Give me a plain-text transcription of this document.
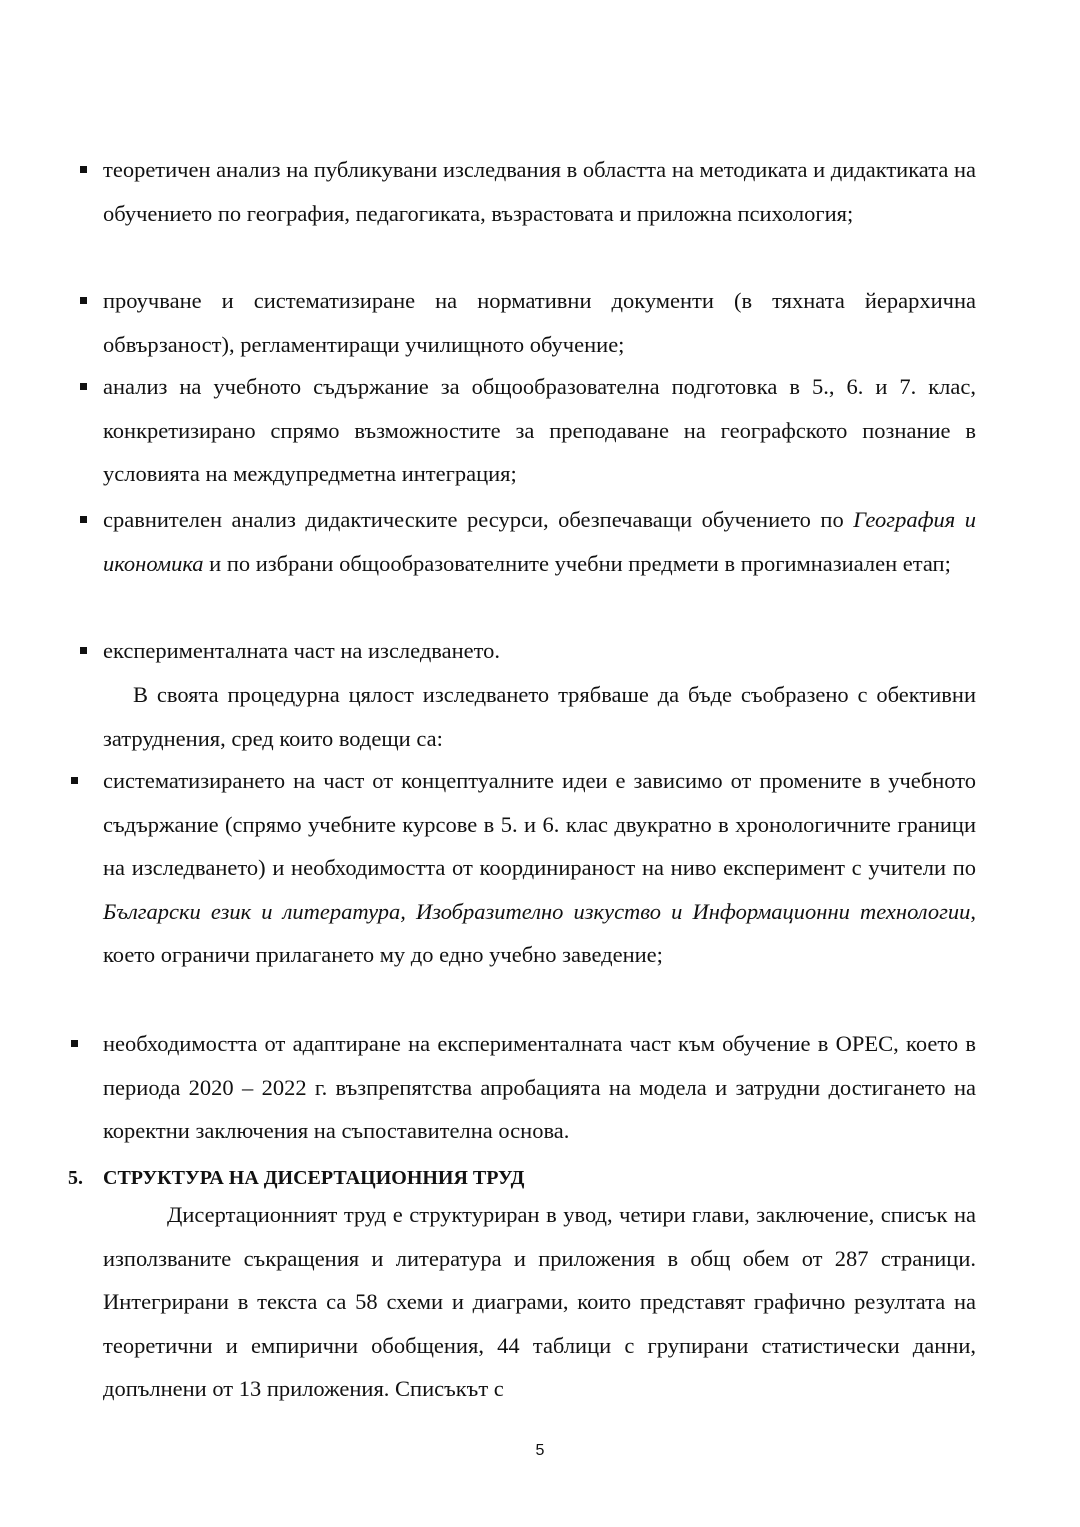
теоретичен анализ на публикувани изследвания в областта на методиката и дидактиката на обучението по география, педагогиката, възрастовата и приложна психология;
проучване и систематизиране на нормативни документи (в тяхната йерархична обвързаност), регламентиращи училищното обучение;
анализ на учебното съдържание за общообразователна подготовка в 5., 6. и 7. клас, конкретизирано спрямо възможностите за преподаване на географското познание в условията на междупредметна интеграция;
сравнителен анализ дидактическите ресурси, обезпечаващи обучението по География и икономика и по избрани общообразователните учебни предмети в прогимназиален етап;
експерименталната част на изследването.
В своята процедурна цялост изследването трябваше да бъде съобразено с обективни затруднения, сред които водещи са:
систематизирането на част от концептуалните идеи е зависимо от промените в учебното съдържание (спрямо учебните курсове в 5. и 6. клас двукратно в хронологичните граници на изследването) и необходимостта от координираност на ниво експеримент с учители по Български език и литература, Изобразително изкуство и Информационни технологии, което ограничи прилагането му до едно учебно заведение;
необходимостта от адаптиране на експерименталната част към обучение в ОРЕС, което в периода 2020 – 2022 г. възпрепятства апробацията на модела и затрудни достигането на коректни заключения на съпоставителна основа.
5. СТРУКТУРА НА ДИСЕРТАЦИОННИЯ ТРУД
Дисертационният труд е структуриран в увод, четири глави, заключение, списък на използваните съкращения и литература и приложения в общ обем от 287 страници. Интегрирани в текста са 58 схеми и диаграми, които представят графично резултата на теоретични и емпирични обобщения, 44 таблици с групирани статистически данни, допълнени от 13 приложения. Списъкът с
5
